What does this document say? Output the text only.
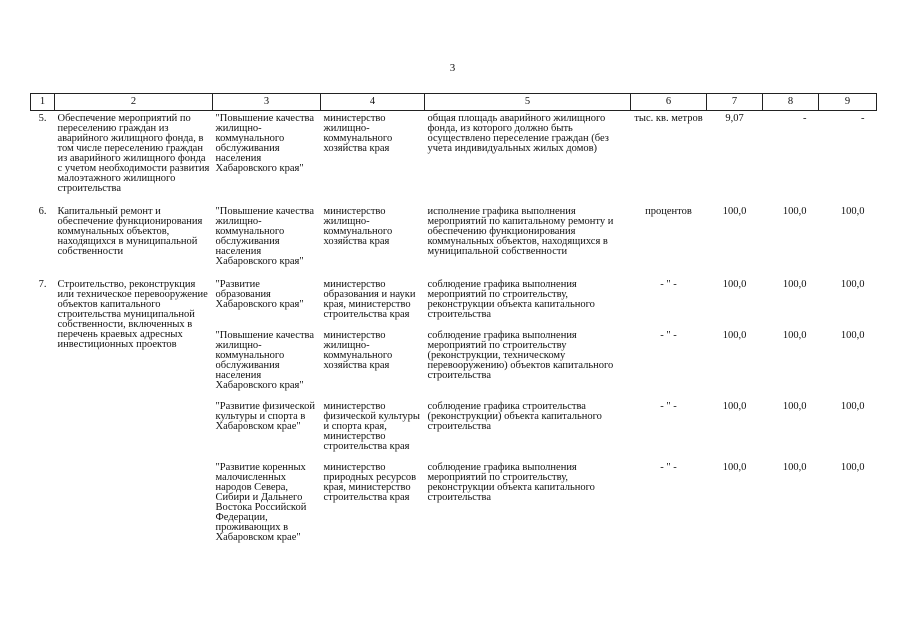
3
1	2	3	4	5	6	7	8	9
5.	Обеспечение мероприятий по переселению граждан из аварийного жилищного фонда, в том числе переселению граждан из аварийного жилищного фонда с учетом необходимости развития малоэтажного жилищного строительства	"Повышение качества жилищно-коммунального обслуживания населения Хабаровского края"	министерство жилищно-коммунального хозяйства края	общая площадь аварийного жилищного фонда, из которого должно быть осуществлено переселение граждан (без учета индивидуальных жилых домов)	тыс. кв. метров	9,07	-	-
6.	Капитальный ремонт и обеспечение функционирования коммунальных объектов, находящихся в муниципальной собственности	"Повышение качества жилищно-коммунального обслуживания населения Хабаровского края"	министерство жилищно-коммунального хозяйства края	исполнение графика выполнения мероприятий по капитальному ремонту и обеспечению функционирования коммунальных объектов, находящихся в муниципальной собственности	процентов	100,0	100,0	100,0
7.	Строительство, реконструкция или техническое перевооружение объектов капитального строительства муниципальной собственности, включенных в перечень краевых адресных инвестиционных проектов	"Развитие образования Хабаровского края"	министерство образования и науки края, министерство строительства края	соблюдение графика выполнения мероприятий по строительству, реконструкции объекта капитального строительства	- " -	100,0	100,0	100,0
		"Повышение качества жилищно-коммунального обслуживания населения Хабаровского края"	министерство жилищно-коммунального хозяйства края	соблюдение графика выполнения мероприятий по строительству (реконструкции, техническому перевооружению) объектов капитального строительства	- " -	100,0	100,0	100,0
		"Развитие физической культуры и спорта в Хабаровском крае"	министерство физической культуры и спорта края, министерство строительства края	соблюдение графика строительства (реконструкции) объекта капитального строительства	- " -	100,0	100,0	100,0
		"Развитие коренных малочисленных народов Севера, Сибири и Дальнего Востока Российской Федерации, проживающих в Хабаровском крае"	министерство природных ресурсов края, министерство строительства края	соблюдение графика выполнения мероприятий по строительству, реконструкции объекта капитального строительства	- " -	100,0	100,0	100,0
